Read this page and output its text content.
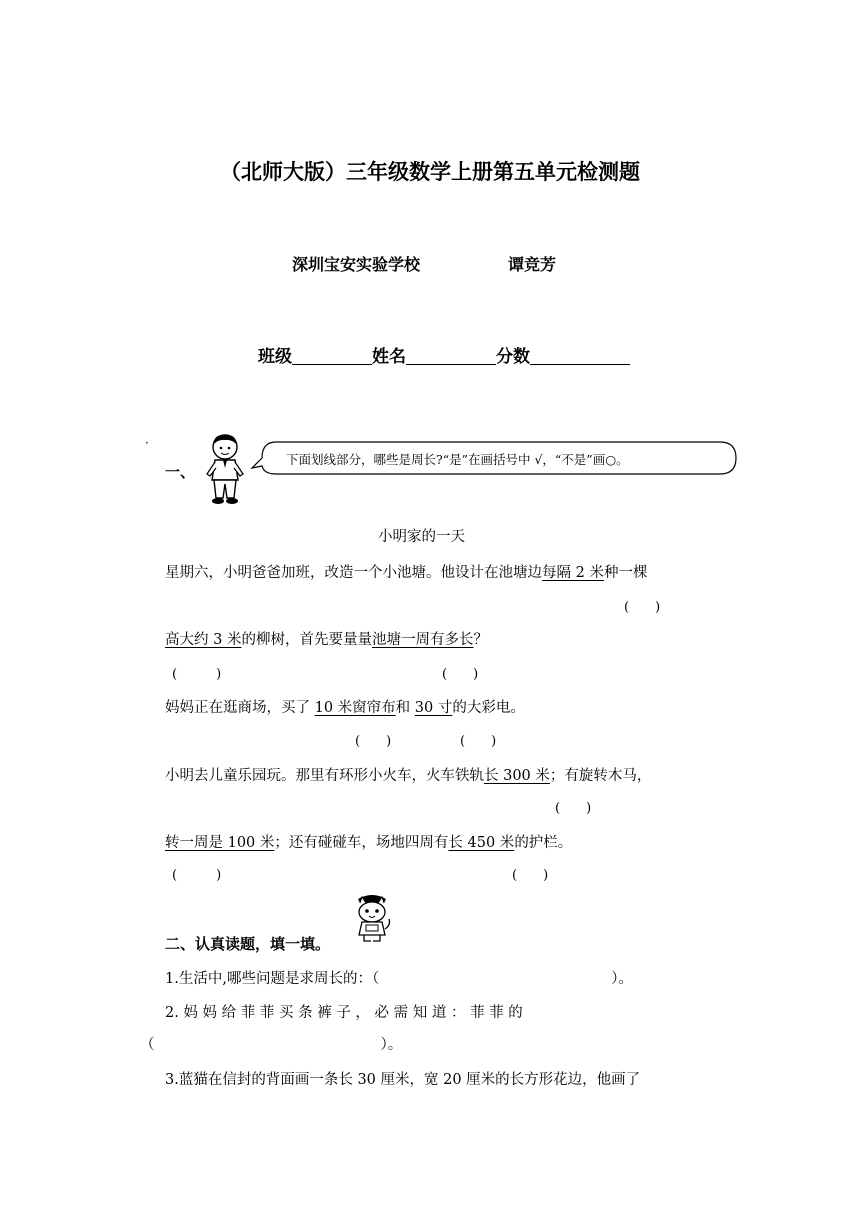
（北师大版）三年级数学上册第五单元检测题
深圳宝安实验学校	谭竞芳
班级	姓名	分数
·
一、
下面划线部分，哪些是周长?“是”在画括号中 √，“不是”画○。
小明家的一天
星期六，小明爸爸加班，改造一个小池塘。他设计在池塘边每隔 2 米种一棵
(　　)
高大约 3 米的柳树，首先要量量池塘一周有多长？
(　　　)	(　　)
妈妈正在逛商场，买了 10 米窗帘布和 30 寸的大彩电。
(　　)	(　　)
小明去儿童乐园玩。那里有环形小火车，火车铁轨长 300 米；有旋转木马，
(　　)
转一周是 100 米；还有碰碰车，场地四周有长 450 米的护栏。
(　　　)	(　　)
二、认真读题，填一填。
1.生活中,哪些问题是求周长的：（	）。
2. 妈 妈 给 菲 菲 买 条 裤 子 ， 必 需 知 道 ： 菲 菲 的
（	）。
3.蓝猫在信封的背面画一条长 30 厘米，宽 20 厘米的长方形花边，他画了
